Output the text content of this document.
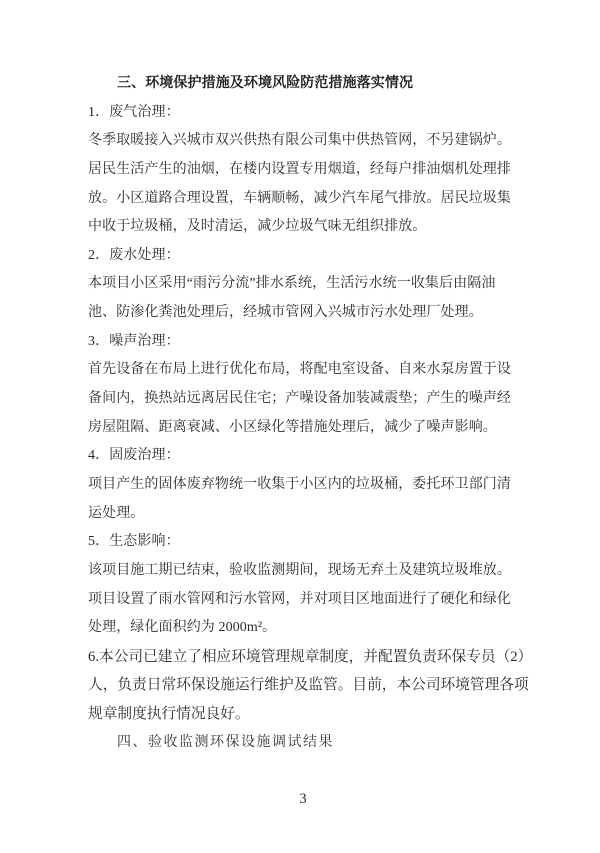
三、环境保护措施及环境风险防范措施落实情况
1．废气治理：
冬季取暖接入兴城市双兴供热有限公司集中供热管网，不另建锅炉。
居民生活产生的油烟，在楼内设置专用烟道，经每户排油烟机处理排
放。小区道路合理设置，车辆顺畅，减少汽车尾气排放。居民垃圾集
中收于垃圾桶，及时清运，减少垃圾气味无组织排放。
2．废水处理：
本项目小区采用“雨污分流”排水系统，生活污水统一收集后由隔油
池、防渗化粪池处理后，经城市管网入兴城市污水处理厂处理。
3．噪声治理：
首先设备在布局上进行优化布局，将配电室设备、自来水泵房置于设
备间内，换热站远离居民住宅；产噪设备加装减震垫；产生的噪声经
房屋阻隔、距离衰减、小区绿化等措施处理后，减少了噪声影响。
4．固废治理：
项目产生的固体废弃物统一收集于小区内的垃圾桶，委托环卫部门清
运处理。
5．生态影响：
该项目施工期已结束，验收监测期间，现场无弃土及建筑垃圾堆放。
项目设置了雨水管网和污水管网，并对项目区地面进行了硬化和绿化
处理，绿化面积约为 2000m²。
6.本公司已建立了相应环境管理规章制度，并配置负责环保专员（2）
人，负责日常环保设施运行维护及监管。目前，本公司环境管理各项
规章制度执行情况良好。
四、验收监测环保设施调试结果
3
